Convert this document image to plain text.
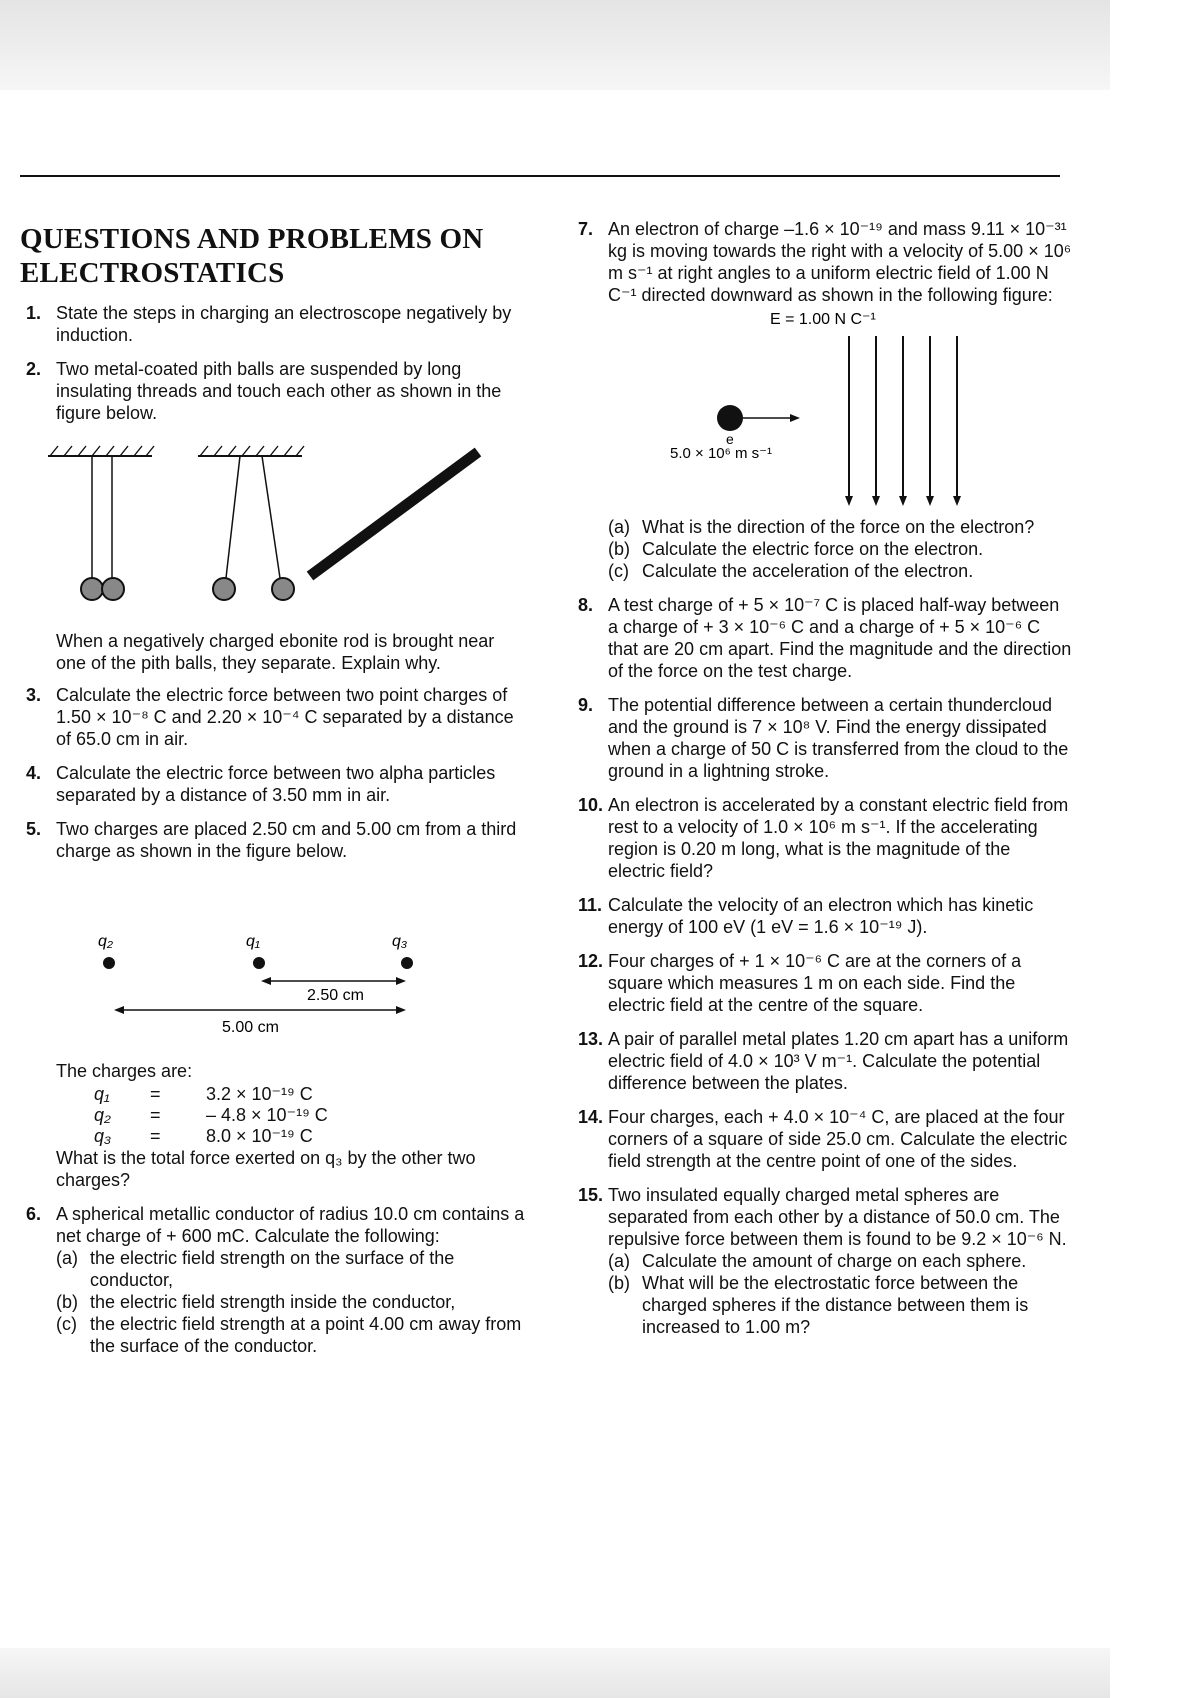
QUESTIONS AND PROBLEMS ON ELECTROSTATICS
1. State the steps in charging an electroscope negatively by induction.
2. Two metal-coated pith balls are suspended by long insulating threads and touch each other as shown in the figure below.
When a negatively charged ebonite rod is brought near one of the pith balls, they separate. Explain why.
3. Calculate the electric force between two point charges of 1.50 × 10⁻⁸ C and 2.20 × 10⁻⁴ C separated by a distance of 65.0 cm in air.
4. Calculate the electric force between two alpha particles separated by a distance of 3.50 mm in air.
5. Two charges are placed 2.50 cm and 5.00 cm from a third charge as shown in the figure below.
q₂	q₁	q₃
2.50 cm
5.00 cm
The charges are:
q₁	=	3.2 × 10⁻¹⁹ C
q₂	=	– 4.8 × 10⁻¹⁹ C
q₃	=	8.0 × 10⁻¹⁹ C
What is the total force exerted on q₃ by the other two charges?
6. A spherical metallic conductor of radius 10.0 cm contains a net charge of + 600 mC. Calculate the following:
(a) the electric field strength on the surface of the conductor,
(b) the electric field strength inside the conductor,
(c) the electric field strength at a point 4.00 cm away from the surface of the conductor.
7. An electron of charge –1.6 × 10⁻¹⁹ and mass 9.11 × 10⁻³¹ kg is moving towards the right with a velocity of 5.00 × 10⁶ m s⁻¹ at right angles to a uniform electric field of 1.00 N C⁻¹ directed downward as shown in the following figure:
E = 1.00 N C⁻¹
e
5.0 × 10⁶ m s⁻¹
(a) What is the direction of the force on the electron?
(b) Calculate the electric force on the electron.
(c) Calculate the acceleration of the electron.
8. A test charge of + 5 × 10⁻⁷ C is placed half-way between a charge of + 3 × 10⁻⁶ C and a charge of + 5 × 10⁻⁶ C that are 20 cm apart. Find the magnitude and the direction of the force on the test charge.
9. The potential difference between a certain thundercloud and the ground is 7 × 10⁸ V. Find the energy dissipated when a charge of 50 C is transferred from the cloud to the ground in a lightning stroke.
10. An electron is accelerated by a constant electric field from rest to a velocity of 1.0 × 10⁶ m s⁻¹. If the accelerating region is 0.20 m long, what is the magnitude of the electric field?
11. Calculate the velocity of an electron which has kinetic energy of 100 eV (1 eV = 1.6 × 10⁻¹⁹ J).
12. Four charges of + 1 × 10⁻⁶ C are at the corners of a square which measures 1 m on each side. Find the electric field at the centre of the square.
13. A pair of parallel metal plates 1.20 cm apart has a uniform electric field of 4.0 × 10³ V m⁻¹. Calculate the potential difference between the plates.
14. Four charges, each + 4.0 × 10⁻⁴ C, are placed at the four corners of a square of side 25.0 cm. Calculate the electric field strength at the centre point of one of the sides.
15. Two insulated equally charged metal spheres are separated from each other by a distance of 50.0 cm. The repulsive force between them is found to be 9.2 × 10⁻⁶ N.
(a) Calculate the amount of charge on each sphere.
(b) What will be the electrostatic force between the charged spheres if the distance between them is increased to 1.00 m?
